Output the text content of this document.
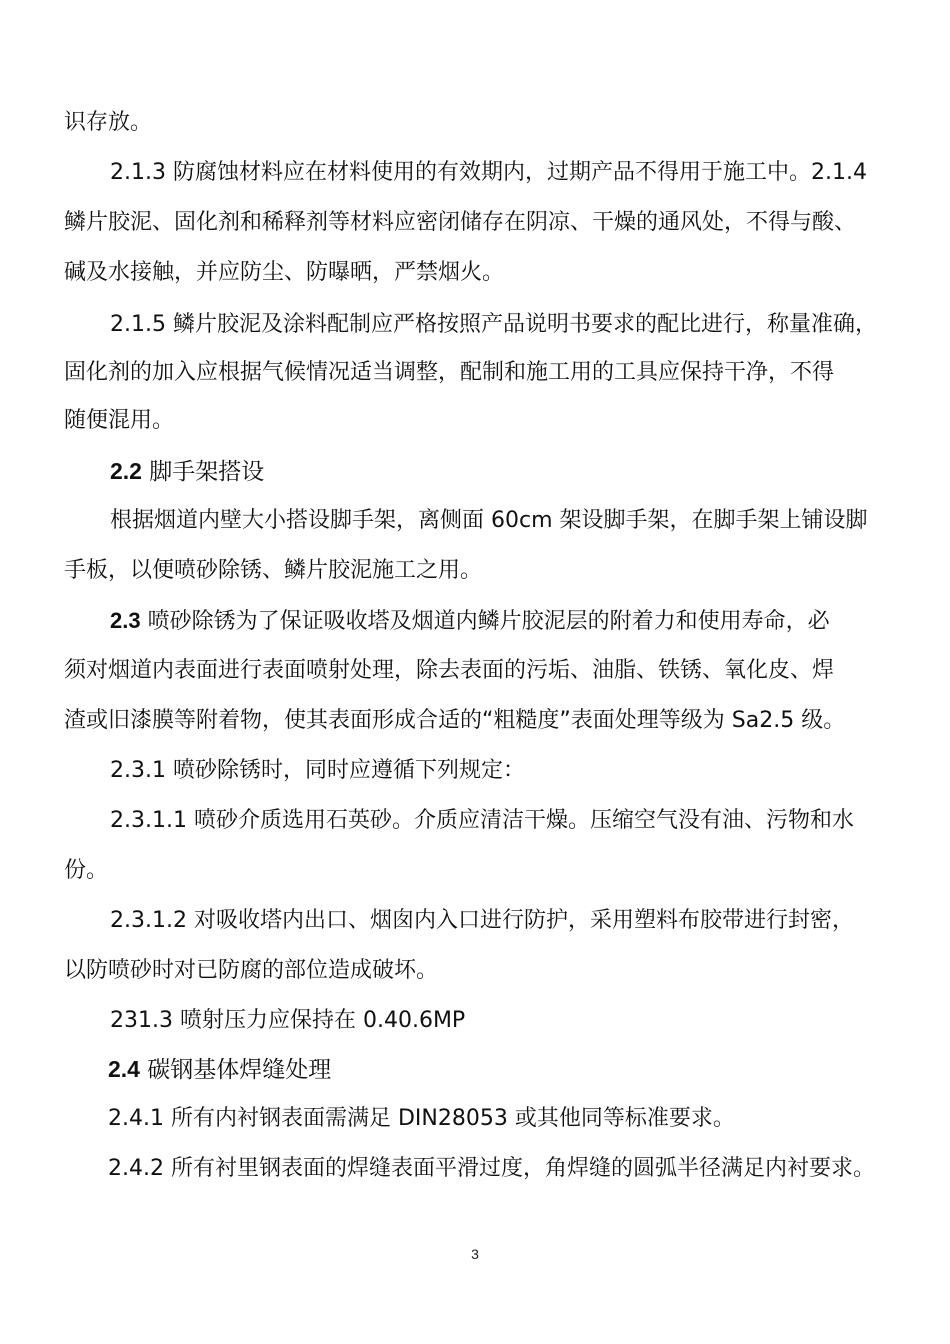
识存放。
2.1.3 防腐蚀材料应在材料使用的有效期内，过期产品不得用于施工中。2.1.4
鳞片胶泥、固化剂和稀释剂等材料应密闭储存在阴凉、干燥的通风处，不得与酸、
碱及水接触，并应防尘、防曝晒，严禁烟火。
2.1.5 鳞片胶泥及涂料配制应严格按照产品说明书要求的配比进行，称量准确，
固化剂的加入应根据气候情况适当调整，配制和施工用的工具应保持干净，不得
随便混用。
2.2 脚手架搭设
根据烟道内壁大小搭设脚手架，离侧面 60cm 架设脚手架，在脚手架上铺设脚
手板，以便喷砂除锈、鳞片胶泥施工之用。
2.3 喷砂除锈为了保证吸收塔及烟道内鳞片胶泥层的附着力和使用寿命，必
须对烟道内表面进行表面喷射处理，除去表面的污垢、油脂、铁锈、氧化皮、焊
渣或旧漆膜等附着物，使其表面形成合适的“粗糙度”表面处理等级为 Sa2.5 级。
2.3.1 喷砂除锈时，同时应遵循下列规定：
2.3.1.1 喷砂介质选用石英砂。介质应清洁干燥。压缩空气没有油、污物和水
份。
2.3.1.2 对吸收塔内出口、烟囱内入口进行防护，采用塑料布胶带进行封密，
以防喷砂时对已防腐的部位造成破坏。
231.3 喷射压力应保持在 0.40.6MP
2.4 碳钢基体焊缝处理
2.4.1 所有内衬钢表面需满足 DIN28053 或其他同等标准要求。
2.4.2 所有衬里钢表面的焊缝表面平滑过度，角焊缝的圆弧半径满足内衬要求。
3
